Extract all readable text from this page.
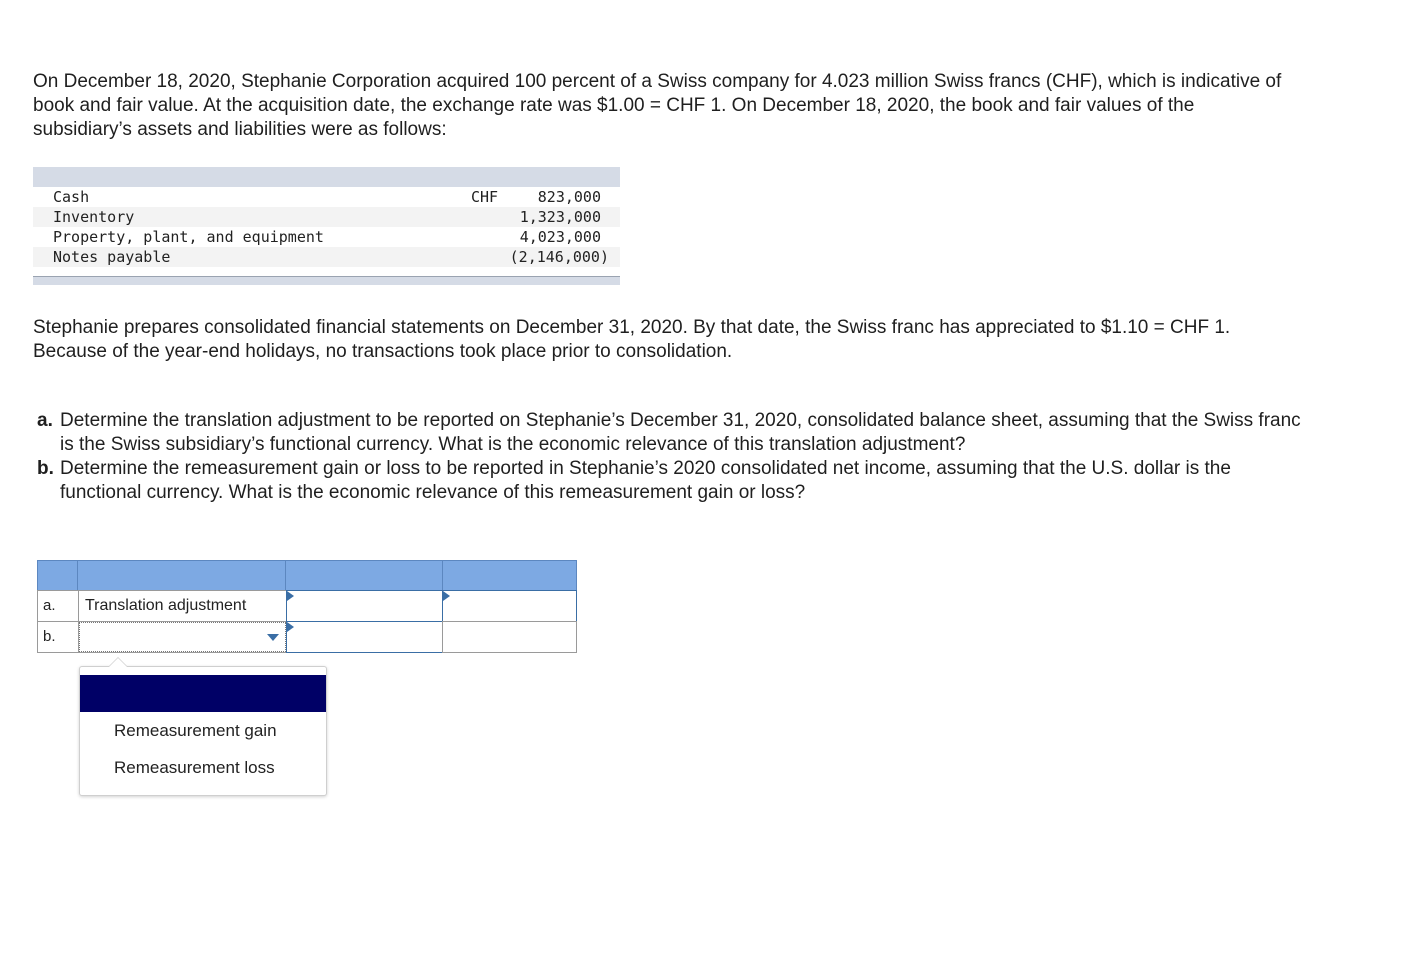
On December 18, 2020, Stephanie Corporation acquired 100 percent of a Swiss company for 4.023 million Swiss francs (CHF), which is indicative of book and fair value. At the acquisition date, the exchange rate was $1.00 = CHF 1. On December 18, 2020, the book and fair values of the subsidiary’s assets and liabilities were as follows:

Cash	CHF	823,000
Inventory	1,323,000
Property, plant, and equipment	4,023,000
Notes payable	(2,146,000)

Stephanie prepares consolidated financial statements on December 31, 2020. By that date, the Swiss franc has appreciated to $1.10 = CHF 1. Because of the year-end holidays, no transactions took place prior to consolidation.

a. Determine the translation adjustment to be reported on Stephanie’s December 31, 2020, consolidated balance sheet, assuming that the Swiss franc is the Swiss subsidiary’s functional currency. What is the economic relevance of this translation adjustment?
b. Determine the remeasurement gain or loss to be reported in Stephanie’s 2020 consolidated net income, assuming that the U.S. dollar is the functional currency. What is the economic relevance of this remeasurement gain or loss?
a.	Translation adjustment
b.
Remeasurement gain
Remeasurement loss
